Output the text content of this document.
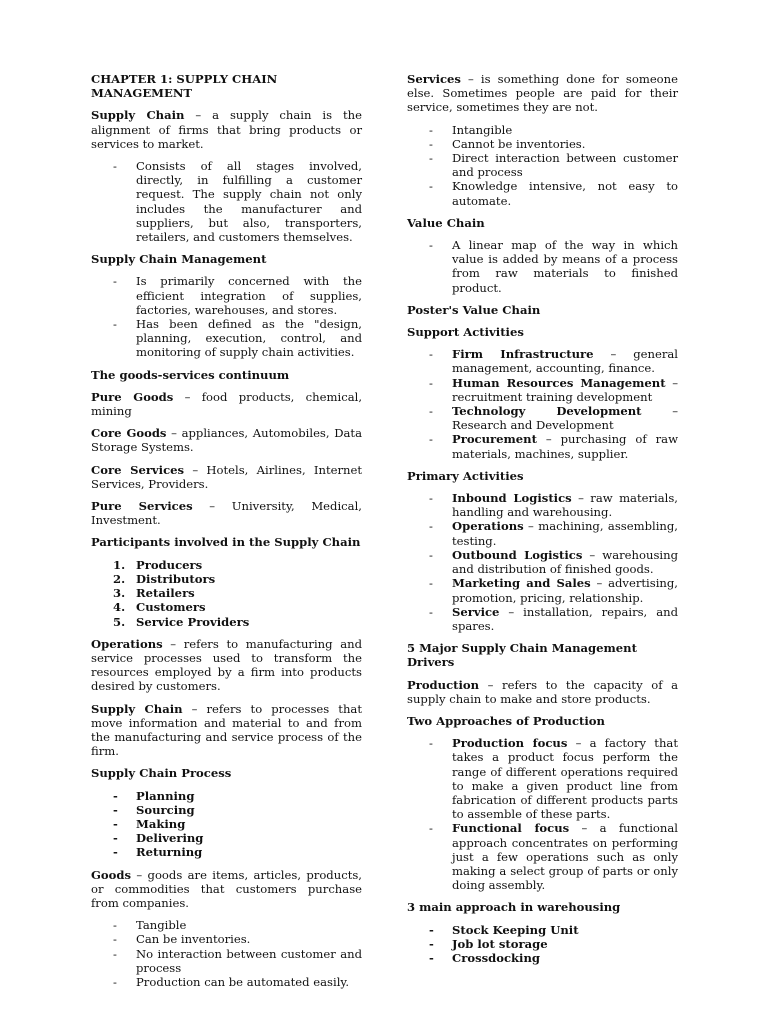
CHAPTER 1: SUPPLY CHAIN MANAGEMENT

Supply Chain – a supply chain is the alignment of firms that bring products or services to market.

- Consists of all stages involved, directly, in fulfilling a customer request. The supply chain not only includes the manufacturer and suppliers, but also, transporters, retailers, and customers themselves.
Supply Chain Management
- Is primarily concerned with the efficient integration of supplies, factories, warehouses, and stores.
- Has been defined as the "design, planning, execution, control, and monitoring of supply chain activities.
The goods-services continuum

Pure Goods – food products, chemical, mining

Core Goods – appliances, Automobiles, Data Storage Systems.

Core Services – Hotels, Airlines, Internet Services, Providers.

Pure Services – University, Medical, Investment.

Participants involved in the Supply Chain
1. Producers
2. Distributors
3. Retailers
4. Customers
5. Service Providers

Operations – refers to manufacturing and service processes used to transform the resources employed by a firm into products desired by customers.

Supply Chain – refers to processes that move information and material to and from the manufacturing and service process of the firm.

Supply Chain Process
- Planning
- Sourcing
- Making
- Delivering
- Returning

Goods – goods are items, articles, products, or commodities that customers purchase from companies.

- Tangible
- Can be inventories.
- No interaction between customer and process
- Production can be automated easily.

Services – is something done for someone else. Sometimes people are paid for their service, sometimes they are not.

- Intangible
- Cannot be inventories.
- Direct interaction between customer and process
- Knowledge intensive, not easy to automate.
Value Chain
- A linear map of the way in which value is added by means of a process from raw materials to finished product.
Poster's Value Chain
Support Activities
- Firm Infrastructure – general management, accounting, finance.
- Human Resources Management – recruitment training development
- Technology Development – Research and Development
- Procurement – purchasing of raw materials, machines, supplier.
Primary Activities
- Inbound Logistics – raw materials, handling and warehousing.
- Operations – machining, assembling, testing.
- Outbound Logistics – warehousing and distribution of finished goods.
- Marketing and Sales – advertising, promotion, pricing, relationship.
- Service – installation, repairs, and spares.
5 Major Supply Chain Management Drivers

Production – refers to the capacity of a supply chain to make and store products.

Two Approaches of Production
- Production focus – a factory that takes a product focus perform the range of different operations required to make a given product line from fabrication of different products parts to assemble of these parts.
- Functional focus – a functional approach concentrates on performing just a few operations such as only making a select group of parts or only doing assembly.
3 main approach in warehousing
- Stock Keeping Unit
- Job lot storage
- Crossdocking
